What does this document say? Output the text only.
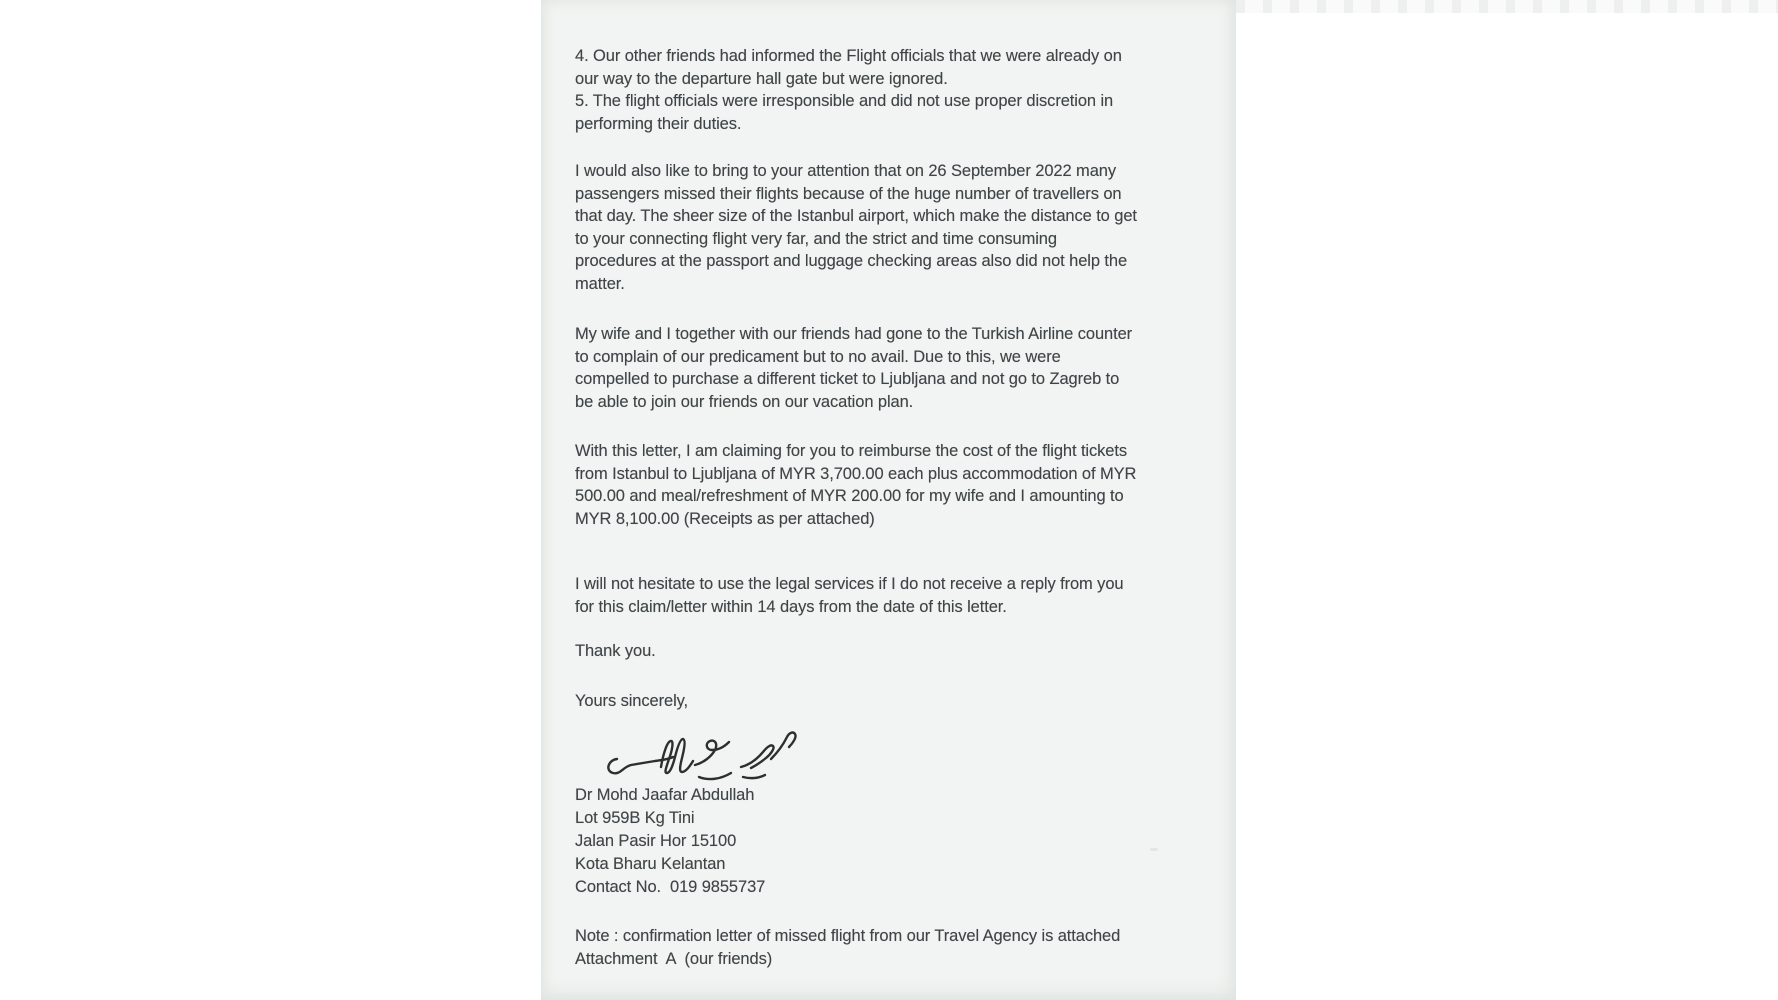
4. Our other friends had informed the Flight officials that we were already on
our way to the departure hall gate but were ignored.
5. The flight officials were irresponsible and did not use proper discretion in
performing their duties.
I would also like to bring to your attention that on 26 September 2022 many
passengers missed their flights because of the huge number of travellers on
that day. The sheer size of the Istanbul airport, which make the distance to get
to your connecting flight very far, and the strict and time consuming
procedures at the passport and luggage checking areas also did not help the
matter.
My wife and I together with our friends had gone to the Turkish Airline counter
to complain of our predicament but to no avail. Due to this, we were
compelled to purchase a different ticket to Ljubljana and not go to Zagreb to
be able to join our friends on our vacation plan.
With this letter, I am claiming for you to reimburse the cost of the flight tickets
from Istanbul to Ljubljana of MYR 3,700.00 each plus accommodation of MYR
500.00 and meal/refreshment of MYR 200.00 for my wife and I amounting to
MYR 8,100.00 (Receipts as per attached)
I will not hesitate to use the legal services if I do not receive a reply from you
for this claim/letter within 14 days from the date of this letter.
Thank you.
Yours sincerely,
Dr Mohd Jaafar Abdullah
Lot 959B Kg Tini
Jalan Pasir Hor 15100
Kota Bharu Kelantan
Contact No.  019 9855737
Note : confirmation letter of missed flight from our Travel Agency is attached
Attachment  A  (our friends)
